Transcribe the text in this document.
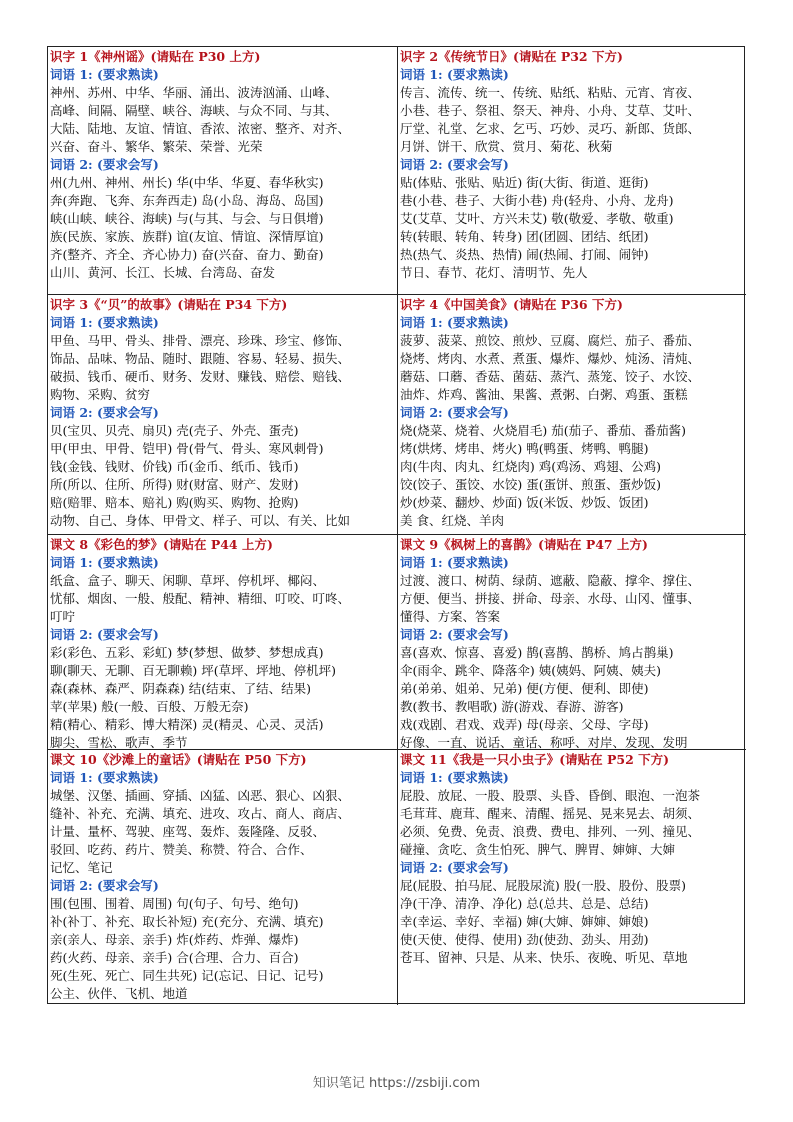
识字 1《神州谣》(请贴在 P30 上方)
词语 1: (要求熟读)
神州、苏州、中华、华丽、涌出、波涛汹涌、山峰、
高峰、间隔、隔壁、峡谷、海峡、与众不同、与其、
大陆、陆地、友谊、情谊、香浓、浓密、整齐、对齐、
兴奋、奋斗、繁华、繁荣、荣誉、光荣
词语 2: (要求会写)
州(九州、神州、州长) 华(中华、华夏、春华秋实)
奔(奔跑、飞奔、东奔西走) 岛(小岛、海岛、岛国)
峡(山峡、峡谷、海峡) 与(与其、与会、与日俱增)
族(民族、家族、族群) 谊(友谊、情谊、深情厚谊)
齐(整齐、齐全、齐心协力) 奋(兴奋、奋力、勤奋)
山川、黄河、长江、长城、台湾岛、奋发
识字 2《传统节日》(请贴在 P32 下方)
词语 1: (要求熟读)
传言、流传、统一、传统、贴纸、粘贴、元宵、宵夜、
小巷、巷子、祭祖、祭天、神舟、小舟、艾草、艾叶、
厅堂、礼堂、乞求、乞丐、巧妙、灵巧、新郎、货郎、
月饼、饼干、欣赏、赏月、菊花、秋菊
词语 2: (要求会写)
贴(体贴、张贴、贴近) 街(大街、街道、逛街)
巷(小巷、巷子、大街小巷) 舟(轻舟、小舟、龙舟)
艾(艾草、艾叶、方兴未艾) 敬(敬爱、孝敬、敬重)
转(转眼、转角、转身) 团(团圆、团结、纸团)
热(热气、炎热、热情) 闹(热闹、打闹、闹钟)
节日、春节、花灯、清明节、先人
识字 3《“贝”的故事》(请贴在 P34 下方)
词语 1: (要求熟读)
甲鱼、马甲、骨头、排骨、漂亮、珍珠、珍宝、修饰、
饰品、品味、物品、随时、跟随、容易、轻易、损失、
破损、钱币、硬币、财务、发财、赚钱、赔偿、赔钱、
购物、采购、贫穷
词语 2: (要求会写)
贝(宝贝、贝壳、扇贝) 壳(壳子、外壳、蛋壳)
甲(甲虫、甲骨、铠甲) 骨(骨气、骨头、寒风刺骨)
钱(金钱、钱财、价钱) 币(金币、纸币、钱币)
所(所以、住所、所得) 财(财富、财产、发财)
赔(赔罪、赔本、赔礼) 购(购买、购物、抢购)
动物、自己、身体、甲骨文、样子、可以、有关、比如
识字 4《中国美食》(请贴在 P36 下方)
词语 1: (要求熟读)
菠萝、菠菜、煎饺、煎炒、豆腐、腐烂、茄子、番茄、
烧烤、烤肉、水煮、煮蛋、爆炸、爆炒、炖汤、清炖、
蘑菇、口蘑、香菇、菌菇、蒸汽、蒸笼、饺子、水饺、
油炸、炸鸡、酱油、果酱、煮粥、白粥、鸡蛋、蛋糕
词语 2: (要求会写)
烧(烧菜、烧着、火烧眉毛) 茄(茄子、番茄、番茄酱)
烤(烘烤、烤串、烤火) 鸭(鸭蛋、烤鸭、鸭腿)
肉(牛肉、肉丸、红烧肉) 鸡(鸡汤、鸡翅、公鸡)
饺(饺子、蛋饺、水饺) 蛋(蛋饼、煎蛋、蛋炒饭)
炒(炒菜、翻炒、炒面) 饭(米饭、炒饭、饭团)
美 食、红烧、羊肉
课文 8《彩色的梦》(请贴在 P44 上方)
词语 1: (要求熟读)
纸盒、盒子、聊天、闲聊、草坪、停机坪、椰闷、
忧郁、烟囱、一般、般配、精神、精细、叮咬、叮咚、
叮咛
词语 2: (要求会写)
彩(彩色、五彩、彩虹) 梦(梦想、做梦、梦想成真)
聊(聊天、无聊、百无聊赖) 坪(草坪、坪地、停机坪)
森(森林、森严、阴森森) 结(结束、了结、结果)
苹(苹果) 般(一般、百般、万般无奈)
精(精心、精彩、博大精深) 灵(精灵、心灵、灵活)
脚尖、雪松、歌声、季节
课文 9《枫树上的喜鹊》(请贴在 P47 上方)
词语 1: (要求熟读)
过渡、渡口、树荫、绿荫、遮蔽、隐蔽、撑伞、撑住、
方便、便当、拼接、拼命、母亲、水母、山冈、懂事、
懂得、方案、答案
词语 2: (要求会写)
喜(喜欢、惊喜、喜爱) 鹊(喜鹊、鹊桥、鸠占鹊巢)
伞(雨伞、跳伞、降落伞) 姨(姨妈、阿姨、姨夫)
弟(弟弟、姐弟、兄弟) 便(方便、便利、即使)
教(教书、教唱歌) 游(游戏、春游、游客)
戏(戏剧、君戏、戏弄) 母(母亲、父母、字母)
好像、一直、说话、童话、称呼、对岸、发现、发明
课文 10《沙滩上的童话》(请贴在 P50 下方)
词语 1: (要求熟读)
城堡、汉堡、插画、穿插、凶猛、凶恶、狠心、凶狠、
缝补、补充、充满、填充、进攻、攻占、商人、商店、
计量、量杯、驾驶、座驾、轰炸、轰隆隆、反驳、
驳回、吃药、药片、赞美、称赞、符合、合作、
记忆、笔记
词语 2: (要求会写)
围(包围、围着、周围) 句(句子、句号、绝句)
补(补丁、补充、取长补短) 充(充分、充满、填充)
亲(亲人、母亲、亲手) 炸(炸药、炸弹、爆炸)
药(火药、母亲、亲手) 合(合理、合力、百合)
死(生死、死亡、同生共死) 记(忘记、日记、记号)
公主、伙伴、飞机、地道
课文 11《我是一只小虫子》(请贴在 P52 下方)
词语 1: (要求熟读)
屁股、放屁、一股、股票、头昏、昏倒、眼泡、一泡茶
毛茸茸、鹿茸、醒来、清醒、摇晃、晃来晃去、胡须、
必须、免费、免责、浪费、费电、排列、一列、撞见、
碰撞、贪吃、贪生怕死、脾气、脾胃、婶婶、大婶
词语 2: (要求会写)
屁(屁股、拍马屁、屁股尿流) 股(一股、股份、股票)
净(干净、清净、净化) 总(总共、总是、总结)
幸(幸运、幸好、幸福) 婶(大婶、婶婶、婶娘)
使(天使、使得、使用) 劲(使劲、劲头、用劲)
苍耳、留神、只是、从来、快乐、夜晚、听见、草地
知识笔记 https://zsbiji.com
